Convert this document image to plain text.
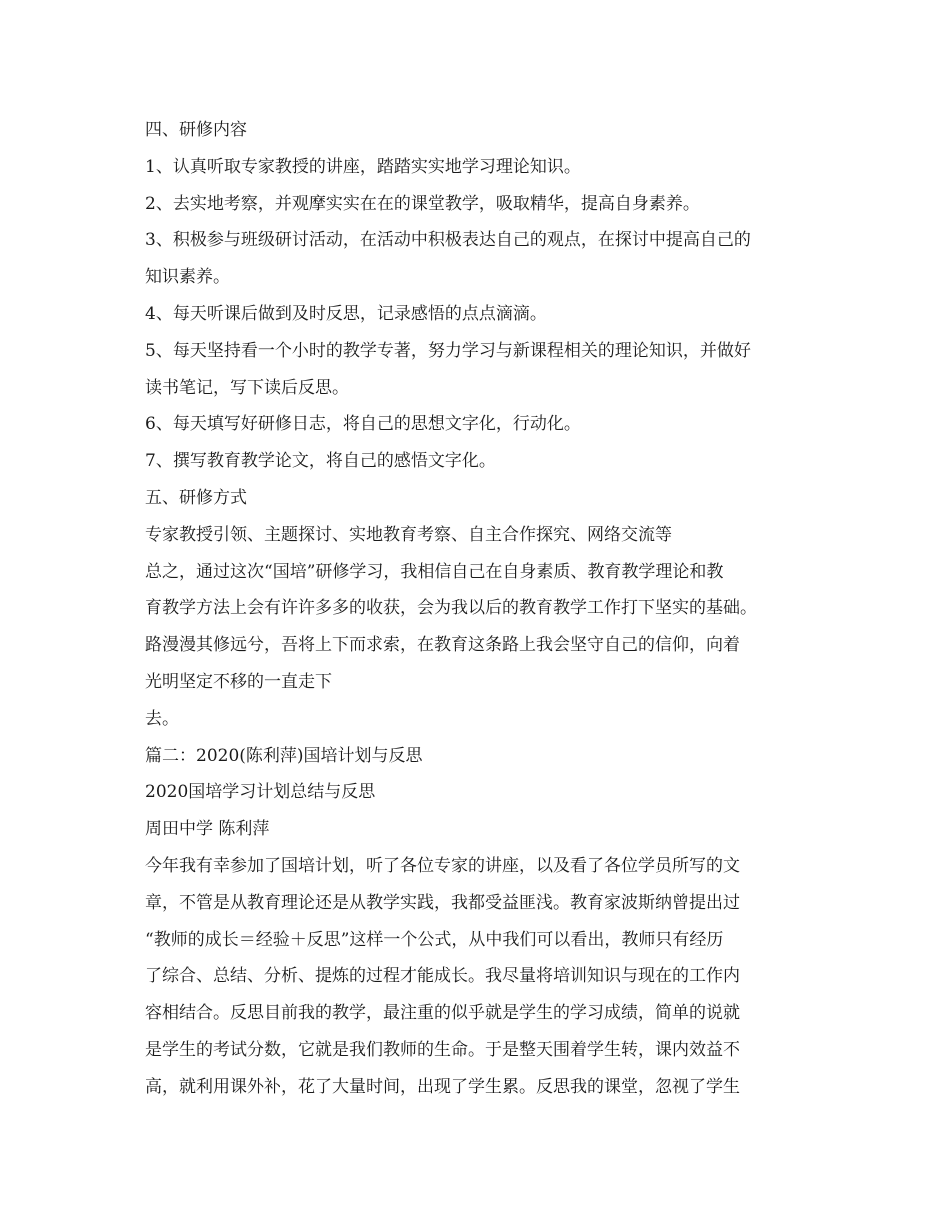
四、研修内容
1、认真听取专家教授的讲座，踏踏实实地学习理论知识。
2、去实地考察，并观摩实实在在的课堂教学，吸取精华，提高自身素养。
3、积极参与班级研讨活动，在活动中积极表达自己的观点，在探讨中提高自己的
知识素养。
4、每天听课后做到及时反思，记录感悟的点点滴滴。
5、每天坚持看一个小时的教学专著，努力学习与新课程相关的理论知识，并做好
读书笔记，写下读后反思。
6、每天填写好研修日志，将自己的思想文字化，行动化。
7、撰写教育教学论文，将自己的感悟文字化。
五、研修方式
专家教授引领、主题探讨、实地教育考察、自主合作探究、网络交流等
总之，通过这次“国培”研修学习，我相信自己在自身素质、教育教学理论和教
育教学方法上会有许许多多的收获，会为我以后的教育教学工作打下坚实的基础。
路漫漫其修远兮，吾将上下而求索，在教育这条路上我会坚守自己的信仰，向着
光明坚定不移的一直走下
去。
篇二：2020(陈利萍)国培计划与反思
2020国培学习计划总结与反思
周田中学 陈利萍
今年我有幸参加了国培计划，听了各位专家的讲座，以及看了各位学员所写的文
章，不管是从教育理论还是从教学实践，我都受益匪浅。教育家波斯纳曾提出过
“教师的成长＝经验＋反思”这样一个公式，从中我们可以看出，教师只有经历
了综合、总结、分析、提炼的过程才能成长。我尽量将培训知识与现在的工作内
容相结合。反思目前我的教学，最注重的似乎就是学生的学习成绩，简单的说就
是学生的考试分数，它就是我们教师的生命。于是整天围着学生转，课内效益不
高，就利用课外补，花了大量时间，出现了学生累。反思我的课堂，忽视了学生
